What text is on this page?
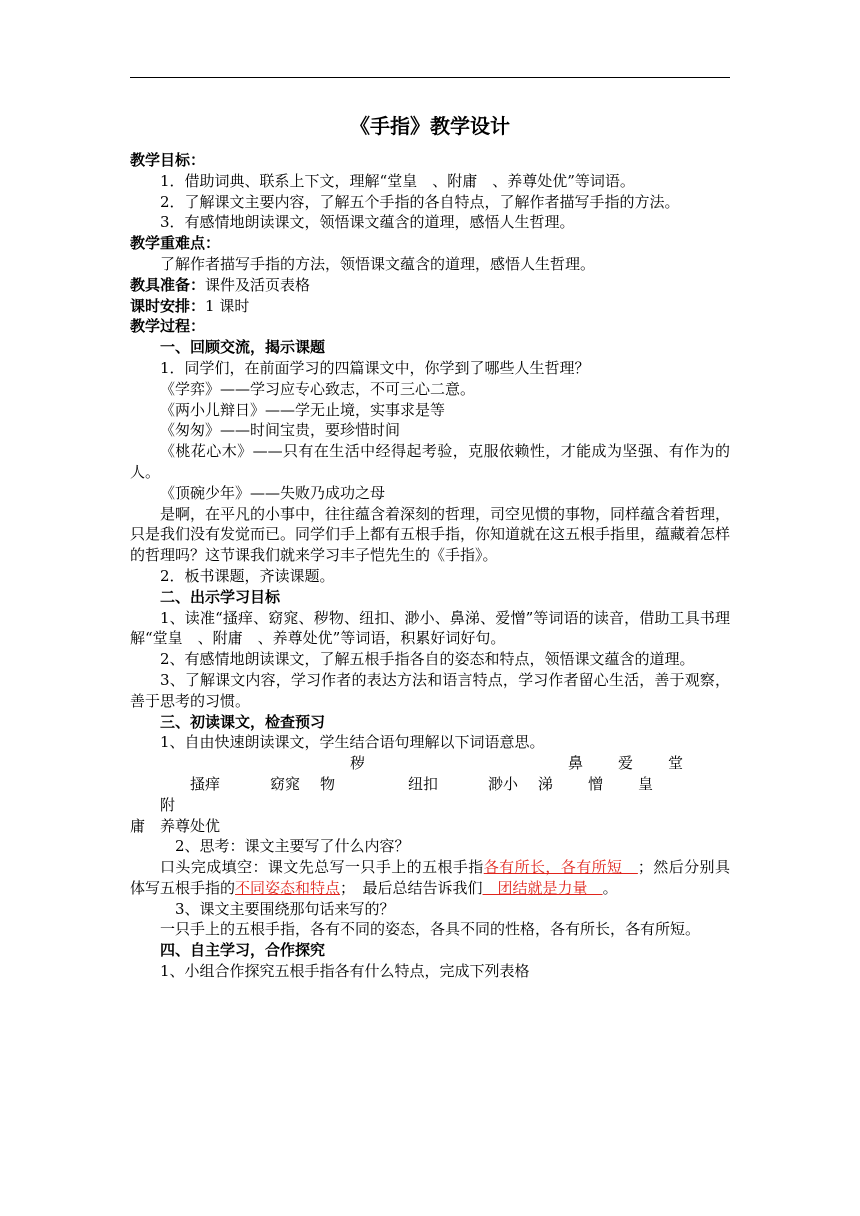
《手指》教学设计
教学目标：
1．借助词典、联系上下文，理解“堂皇　、附庸　、养尊处优”等词语。
2．了解课文主要内容，了解五个手指的各自特点，了解作者描写手指的方法。
3．有感情地朗读课文，领悟课文蕴含的道理，感悟人生哲理。
教学重难点：
了解作者描写手指的方法，领悟课文蕴含的道理，感悟人生哲理。
教具准备：课件及活页表格
课时安排：1 课时
教学过程：
一、回顾交流，揭示课题
1．同学们，在前面学习的四篇课文中，你学到了哪些人生哲理？
《学弈》——学习应专心致志，不可三心二意。
《两小儿辩日》——学无止境，实事求是等
《匆匆》——时间宝贵，要珍惜时间
《桃花心木》——只有在生活中经得起考验，克服依赖性，才能成为坚强、有作为的人。
《顶碗少年》——失败乃成功之母
是啊，在平凡的小事中，往往蕴含着深刻的哲理，司空见惯的事物，同样蕴含着哲理，只是我们没有发觉而已。同学们手上都有五根手指，你知道就在这五根手指里，蕴藏着怎样的哲理吗？这节课我们就来学习丰子恺先生的《手指》。
2．板书课题，齐读课题。
二、出示学习目标
1、读准“搔痒、窈窕、秽物、纽扣、渺小、鼻涕、爱憎”等词语的读音，借助工具书理解“堂皇　、附庸　、养尊处优”等词语，积累好词好句。
2、有感情地朗读课文，了解五根手指各自的姿态和特点，领悟课文蕴含的道理。
3、了解课文内容，学习作者的表达方法和语言特点，学习作者留心生活，善于观察，善于思考的习惯。
三、初读课文，检查预习
1、自由快速朗读课文，学生结合语句理解以下词语意思。
搔痒	窈窕秽物	纽扣	渺小鼻涕爱憎堂皇附
庸　养尊处优
2、思考：课文主要写了什么内容？
口头完成填空：课文先总写一只手上的五根手指各有所长，各有所短　；然后分别具体写五根手指的不同姿态和特点；　最后总结告诉我们　团结就是力量　。
3、课文主要围绕那句话来写的？
一只手上的五根手指，各有不同的姿态，各具不同的性格，各有所长，各有所短。
四、自主学习，合作探究
1、小组合作探究五根手指各有什么特点，完成下列表格
